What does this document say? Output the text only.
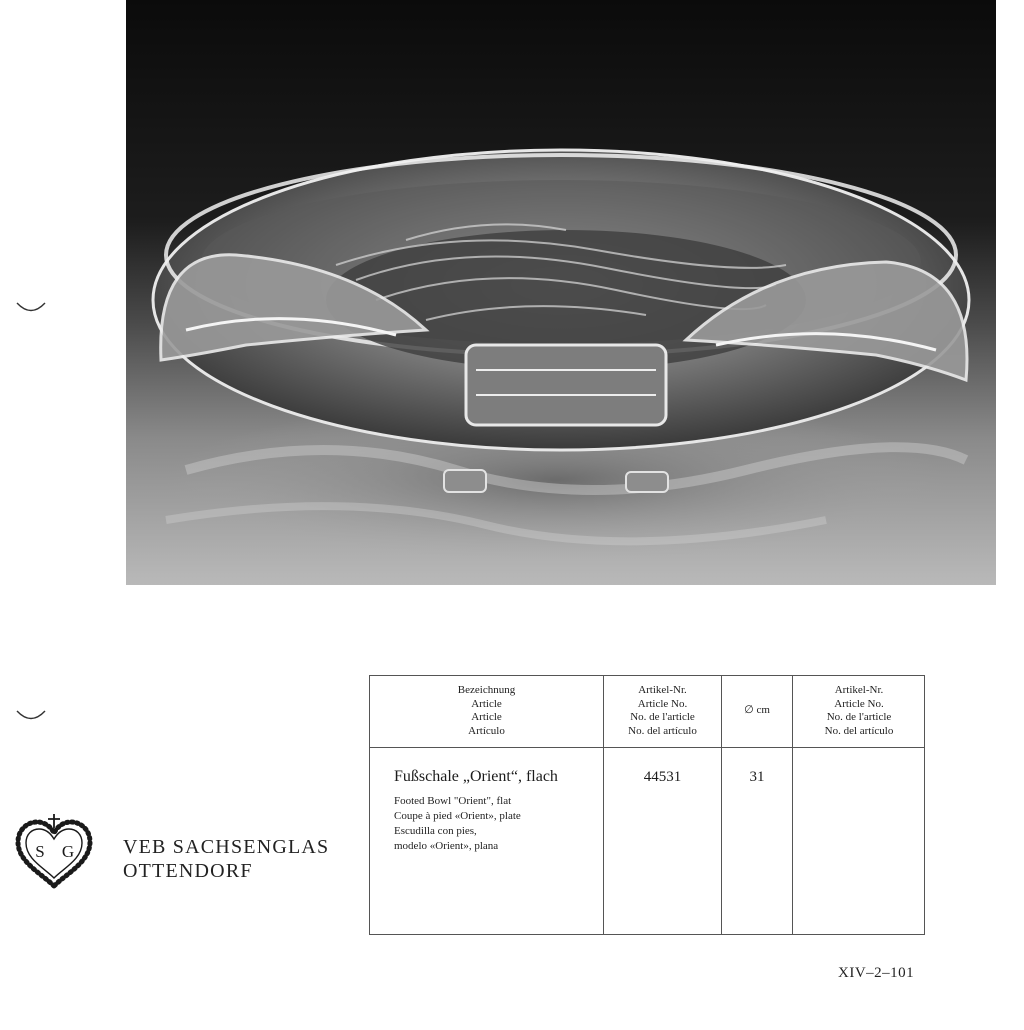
S G VEB SACHSENGLAS
OTTENDORF
Bezeichnung
Article
Article
Artículo
Artikel-Nr.
Article No.
No. de l'article
No. del artículo
∅ cm
Artikel-Nr.
Article No.
No. de l'article
No. del artículo
Fußschale „Orient“, flach
Footed Bowl "Orient", flat
Coupe à pied «Orient», plate
Escudilla con pies,
modelo «Orient», plana
44531	31
XIV–2–101
